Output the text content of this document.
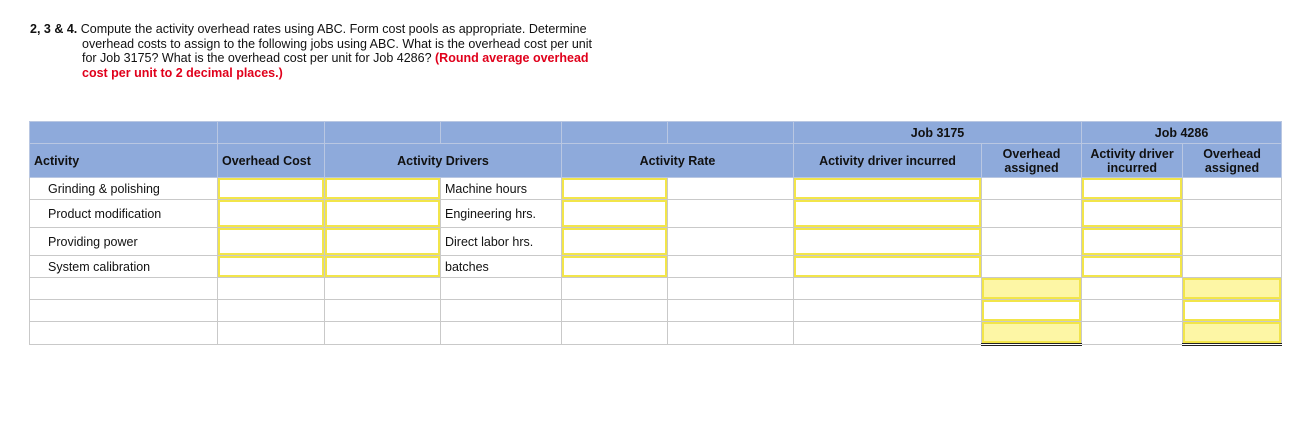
2, 3 & 4. Compute the activity overhead rates using ABC. Form cost pools as appropriate. Determine
overhead costs to assign to the following jobs using ABC. What is the overhead cost per unit
for Job 3175? What is the overhead cost per unit for Job 4286? (Round average overhead
cost per unit to 2 decimal places.)
						Job 3175		Job 4286	
Activity	Overhead Cost	Activity Drivers		Activity Rate		Activity driver incurred	Overhead assigned	Activity driver incurred	Overhead assigned
Grinding & polishing			Machine hours	

Product modification			Engineering hrs.	

Providing power			Direct labor hrs.	

System calibration			batches	
